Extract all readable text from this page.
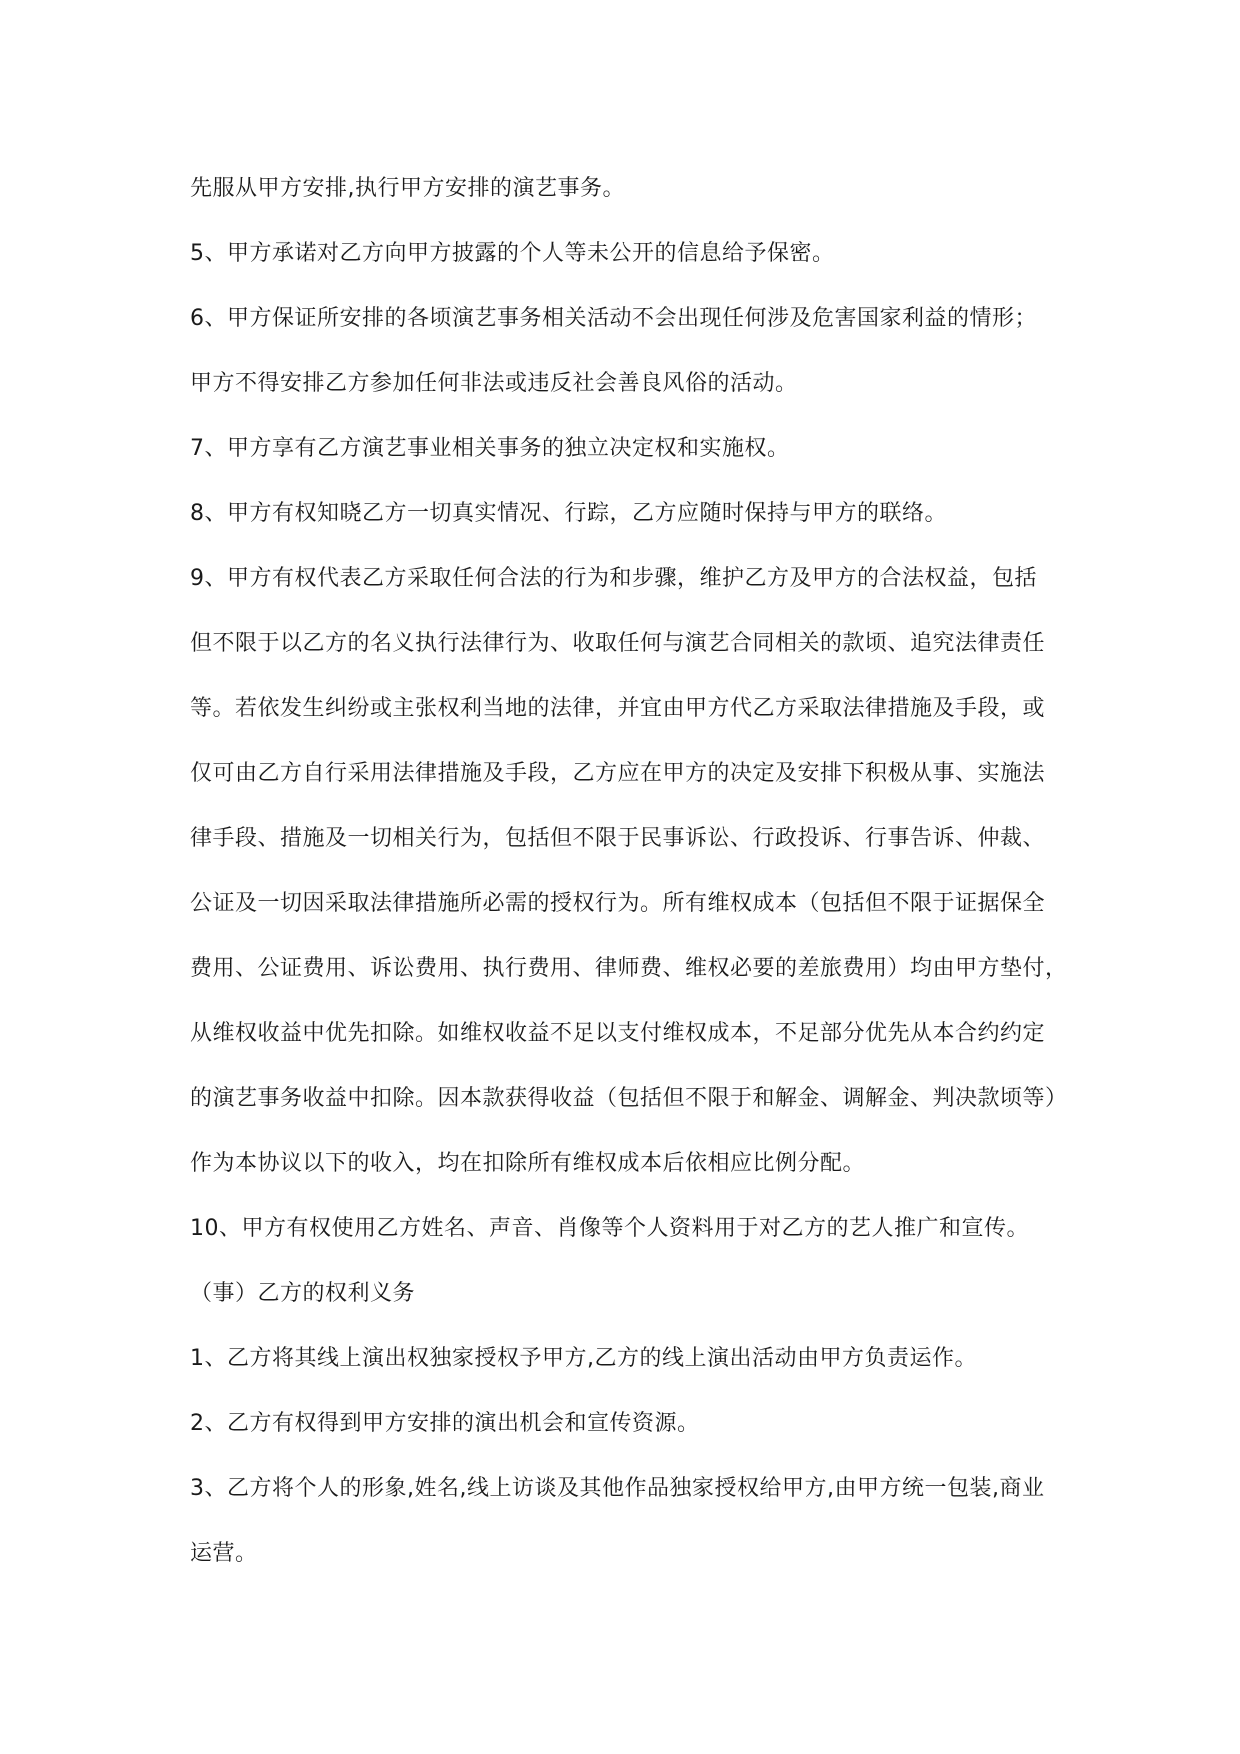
先服从甲方安排,执行甲方安排的演艺事务。
5、甲方承诺对乙方向甲方披露的个人等未公开的信息给予保密。
6、甲方保证所安排的各顷演艺事务相关活动不会出现任何涉及危害国家利益的情形；
甲方不得安排乙方参加任何非法或违反社会善良风俗的活动。
7、甲方享有乙方演艺事业相关事务的独立决定权和实施权。
8、甲方有权知晓乙方一切真实情况、行踪，乙方应随时保持与甲方的联络。
9、甲方有权代表乙方采取任何合法的行为和步骤，维护乙方及甲方的合法权益，包括
但不限于以乙方的名义执行法律行为、收取任何与演艺合同相关的款顷、追究法律责任
等。若依发生纠纷或主张权利当地的法律，并宜由甲方代乙方采取法律措施及手段，或
仅可由乙方自行采用法律措施及手段，乙方应在甲方的决定及安排下积极从事、实施法
律手段、措施及一切相关行为，包括但不限于民事诉讼、行政投诉、行事告诉、仲裁、
公证及一切因采取法律措施所必需的授权行为。所有维权成本（包括但不限于证据保全
费用、公证费用、诉讼费用、执行费用、律师费、维权必要的差旅费用）均由甲方垫付，
从维权收益中优先扣除。如维权收益不足以支付维权成本，不足部分优先从本合约约定
的演艺事务收益中扣除。因本款获得收益（包括但不限于和解金、调解金、判决款顷等）
作为本协议以下的收入，均在扣除所有维权成本后依相应比例分配。
10、甲方有权使用乙方姓名、声音、肖像等个人资料用于对乙方的艺人推广和宣传。
（事）乙方的权利义务
1、乙方将其线上演出权独家授权予甲方,乙方的线上演出活动由甲方负责运作。
2、乙方有权得到甲方安排的演出机会和宣传资源。
3、乙方将个人的形象,姓名,线上访谈及其他作品独家授权给甲方,由甲方统一包装,商业
运营。
